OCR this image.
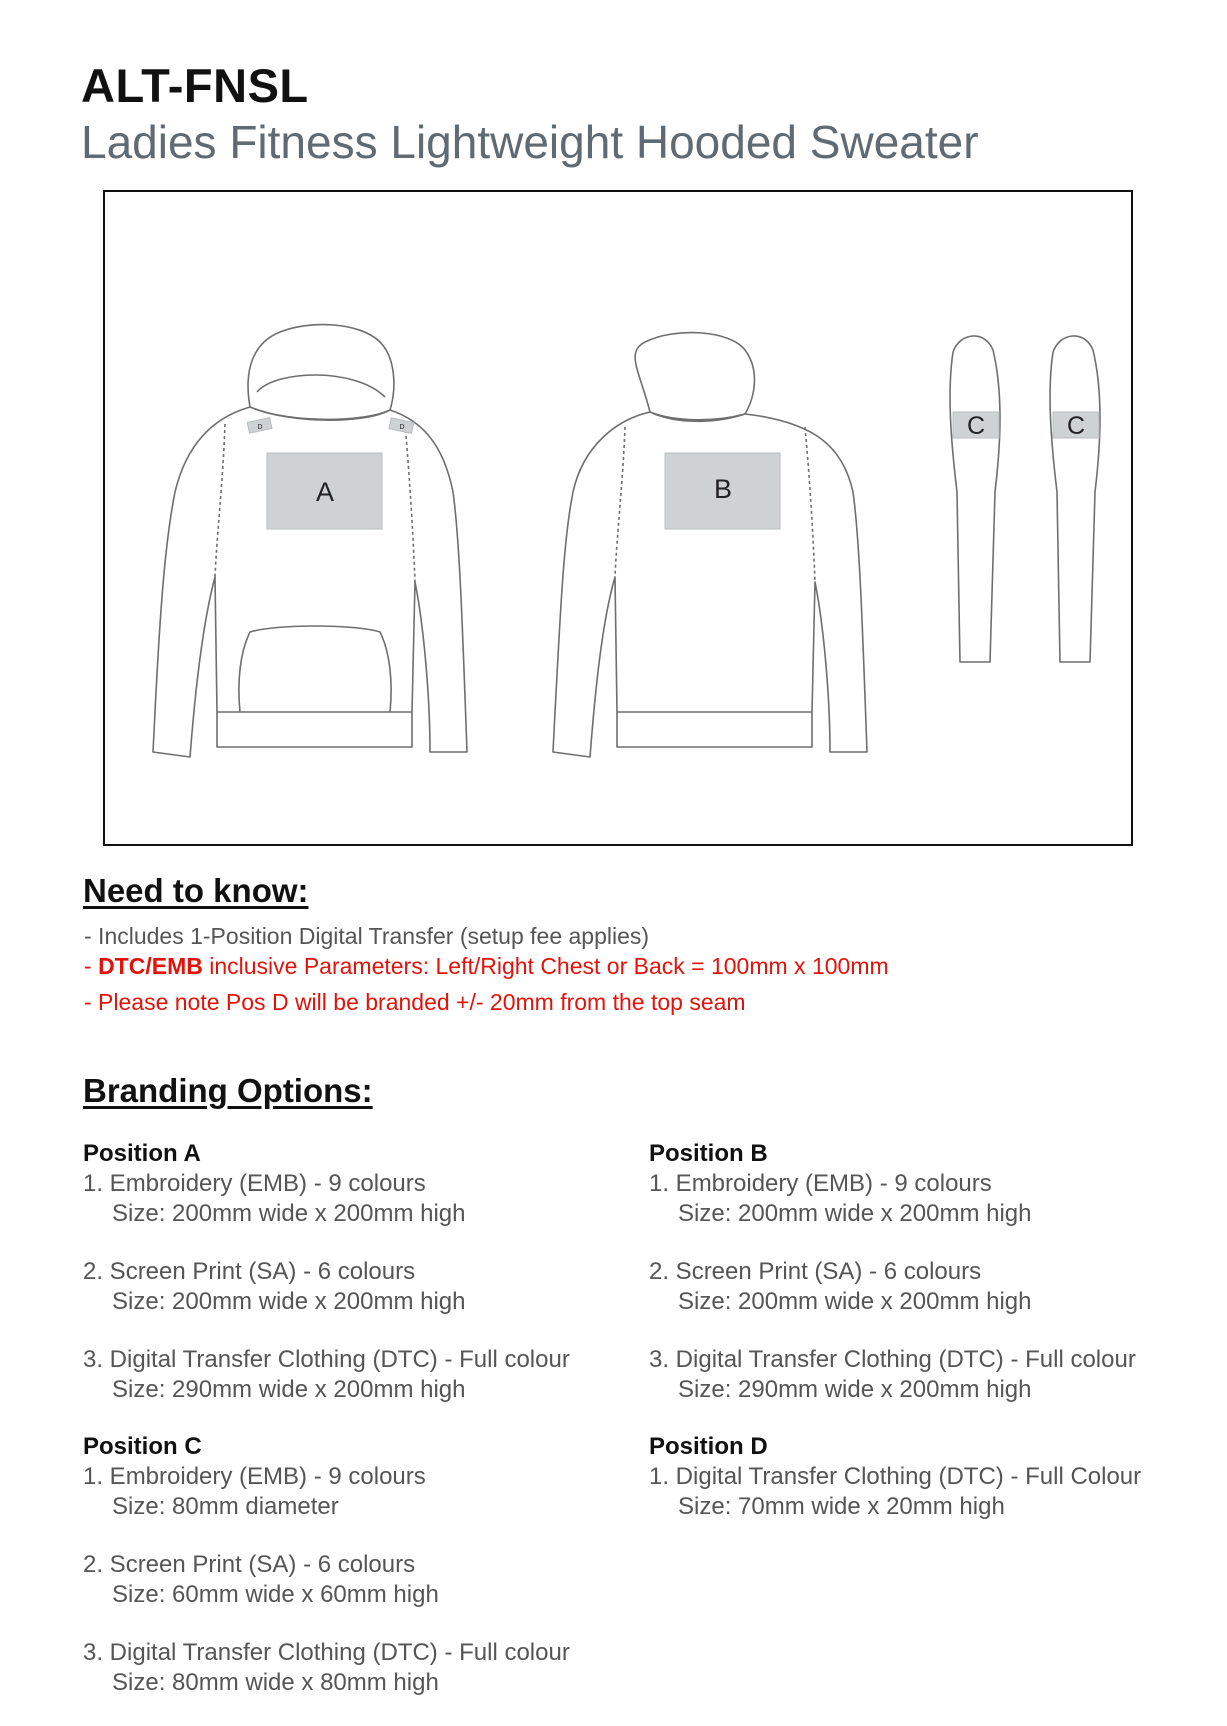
ALT-FNSL
Ladies Fitness Lightweight Hooded Sweater
A	B
C	C
D	D
Need to know:
- Includes 1-Position Digital Transfer (setup fee applies)
- DTC/EMB inclusive Parameters: Left/Right Chest or Back = 100mm x 100mm
- Please note Pos D will be branded +/- 20mm from the top seam
Branding Options:
Position A
1. Embroidery (EMB) - 9 colours
Size: 200mm wide x 200mm high
2. Screen Print (SA) - 6 colours
Size: 200mm wide x 200mm high
3. Digital Transfer Clothing (DTC) - Full colour
Size: 290mm wide x 200mm high
Position B
1. Embroidery (EMB) - 9 colours
Size: 200mm wide x 200mm high
2. Screen Print (SA) - 6 colours
Size: 200mm wide x 200mm high
3. Digital Transfer Clothing (DTC) - Full colour
Size: 290mm wide x 200mm high
Position C
1. Embroidery (EMB) - 9 colours
Size: 80mm diameter
2. Screen Print (SA) - 6 colours
Size: 60mm wide x 60mm high
3. Digital Transfer Clothing (DTC) - Full colour
Size: 80mm wide x 80mm high
Position D
1. Digital Transfer Clothing (DTC) - Full Colour
Size: 70mm wide x 20mm high
